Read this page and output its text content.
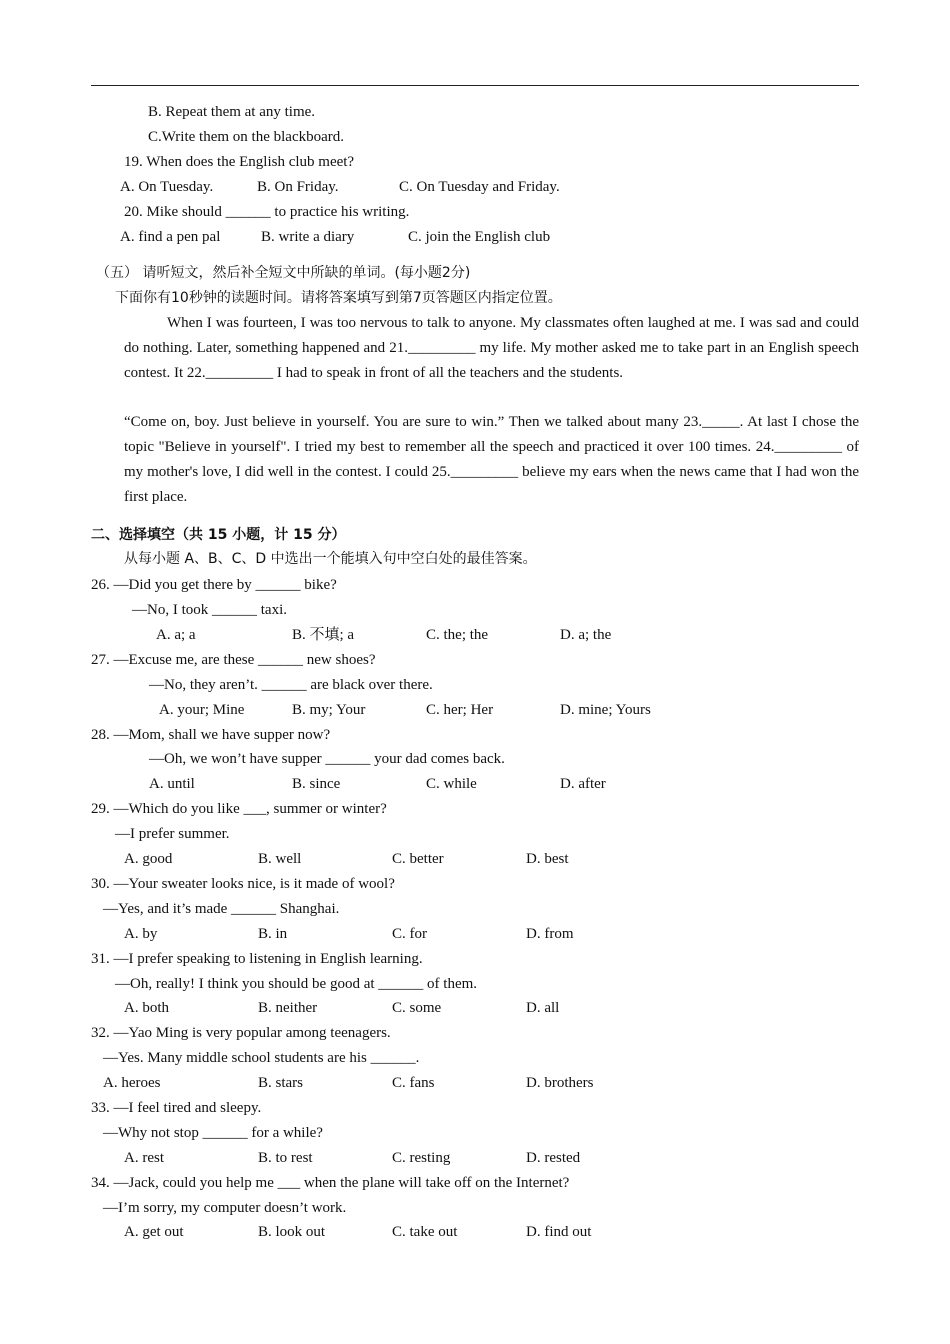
B. Repeat them at any time.
C.Write them on the blackboard.
19. When does the English club meet?
A. On Tuesday.	B. On Friday.	C. On Tuesday and Friday.
20. Mike should ______ to practice his writing.
A. find a pen pal	B. write a diary	C. join the English club
（五） 请听短文，然后补全短文中所缺的单词。(每小题2分)
下面你有10秒钟的读题时间。请将答案填写到第7页答题区内指定位置。
When I was fourteen, I was too nervous to talk to anyone. My classmates often laughed at me. I was sad and could do nothing. Later, something happened and 21._________ my life. My mother asked me to take part in an English speech contest. It 22._________ I had to speak in front of all the teachers and the students.
“Come on, boy. Just believe in yourself. You are sure to win.” Then we talked about many 23._____. At last I chose the topic "Believe in yourself". I tried my best to remember all the speech and practiced it over 100 times. 24._________ of my mother's love, I did well in the contest. I could 25._________ believe my ears when the news came that I had won the first place.
二、选择填空（共 15 小题，计 15 分）
从每小题 A、B、C、D 中选出一个能填入句中空白处的最佳答案。
26. —Did you get there by ______ bike?
—No, I took ______ taxi.
A. a; a	B. 不填; a	C. the; the	D. a; the
27. —Excuse me, are these ______ new shoes?
—No, they aren’t. ______ are black over there.
A. your; Mine	B. my; Your	C. her; Her	D. mine; Yours
28. —Mom, shall we have supper now?
—Oh, we won’t have supper ______ your dad comes back.
A. until	B. since	C. while	D. after
29. —Which do you like ___, summer or winter?
—I prefer summer.
A. good	B. well	C. better	D. best
30. —Your sweater looks nice, is it made of wool?
—Yes, and it’s made ______ Shanghai.
A. by	B. in	C. for	D. from
31. —I prefer speaking to listening in English learning.
—Oh, really! I think you should be good at ______ of them.
A. both	B. neither	C. some	D. all
32. —Yao Ming is very popular among teenagers.
—Yes. Many middle school students are his ______.
A. heroes	B. stars	C. fans	D. brothers
33. —I feel tired and sleepy.
—Why not stop ______ for a while?
A. rest	B. to rest	C. resting	D. rested
34. —Jack, could you help me ___ when the plane will take off on the Internet?
—I’m sorry, my computer doesn’t work.
A. get out	B. look out	C. take out	D. find out
